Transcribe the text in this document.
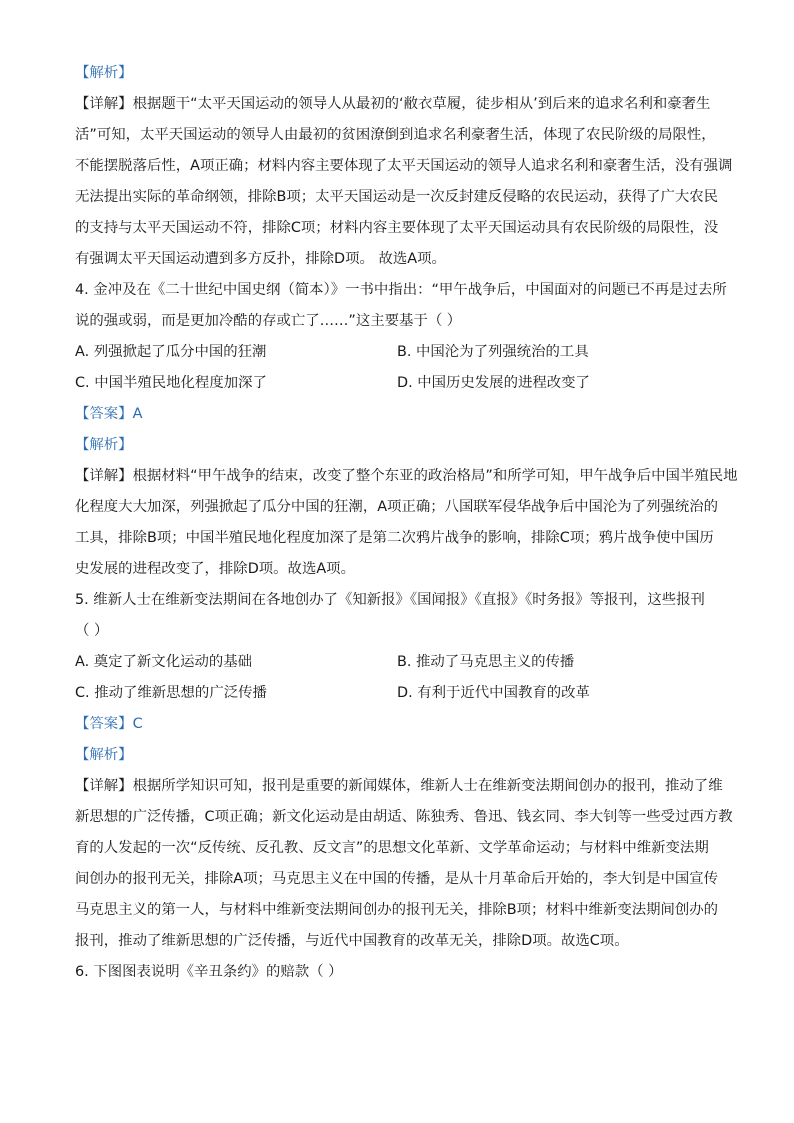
【解析】
【详解】根据题干“太平天国运动的领导人从最初的‘敝衣草履，徒步相从’到后来的追求名利和豪奢生
活”可知，太平天国运动的领导人由最初的贫困潦倒到追求名利豪奢生活，体现了农民阶级的局限性，
不能摆脱落后性，A项正确；材料内容主要体现了太平天国运动的领导人追求名利和豪奢生活，没有强调
无法提出实际的革命纲领，排除B项；太平天国运动是一次反封建反侵略的农民运动，获得了广大农民
的支持与太平天国运动不符，排除C项；材料内容主要体现了太平天国运动具有农民阶级的局限性，没
有强调太平天国运动遭到多方反扑，排除D项。 故选A项。
4. 金冲及在《二十世纪中国史纲（简本）》一书中指出：“甲午战争后，中国面对的问题已不再是过去所
说的强或弱，而是更加冷酷的存或亡了……”这主要基于（ ）
A. 列强掀起了瓜分中国的狂潮	B. 中国沦为了列强统治的工具
C. 中国半殖民地化程度加深了	D. 中国历史发展的进程改变了
【答案】A
【解析】
【详解】根据材料“甲午战争的结束，改变了整个东亚的政治格局”和所学可知，甲午战争后中国半殖民地
化程度大大加深，列强掀起了瓜分中国的狂潮，A项正确；八国联军侵华战争后中国沦为了列强统治的
工具，排除B项；中国半殖民地化程度加深了是第二次鸦片战争的影响，排除C项；鸦片战争使中国历
史发展的进程改变了，排除D项。故选A项。
5. 维新人士在维新变法期间在各地创办了《知新报》《国闻报》《直报》《时务报》等报刊，这些报刊
（ ）
A. 奠定了新文化运动的基础	B. 推动了马克思主义的传播
C. 推动了维新思想的广泛传播	D. 有利于近代中国教育的改革
【答案】C
【解析】
【详解】根据所学知识可知，报刊是重要的新闻媒体，维新人士在维新变法期间创办的报刊，推动了维
新思想的广泛传播，C项正确；新文化运动是由胡适、陈独秀、鲁迅、钱玄同、李大钊等一些受过西方教
育的人发起的一次“反传统、反孔教、反文言”的思想文化革新、文学革命运动；与材料中维新变法期
间创办的报刊无关，排除A项；马克思主义在中国的传播，是从十月革命后开始的，李大钊是中国宣传
马克思主义的第一人，与材料中维新变法期间创办的报刊无关，排除B项；材料中维新变法期间创办的
报刊，推动了维新思想的广泛传播，与近代中国教育的改革无关，排除D项。故选C项。
6. 下图图表说明《辛丑条约》的赔款（ ）
